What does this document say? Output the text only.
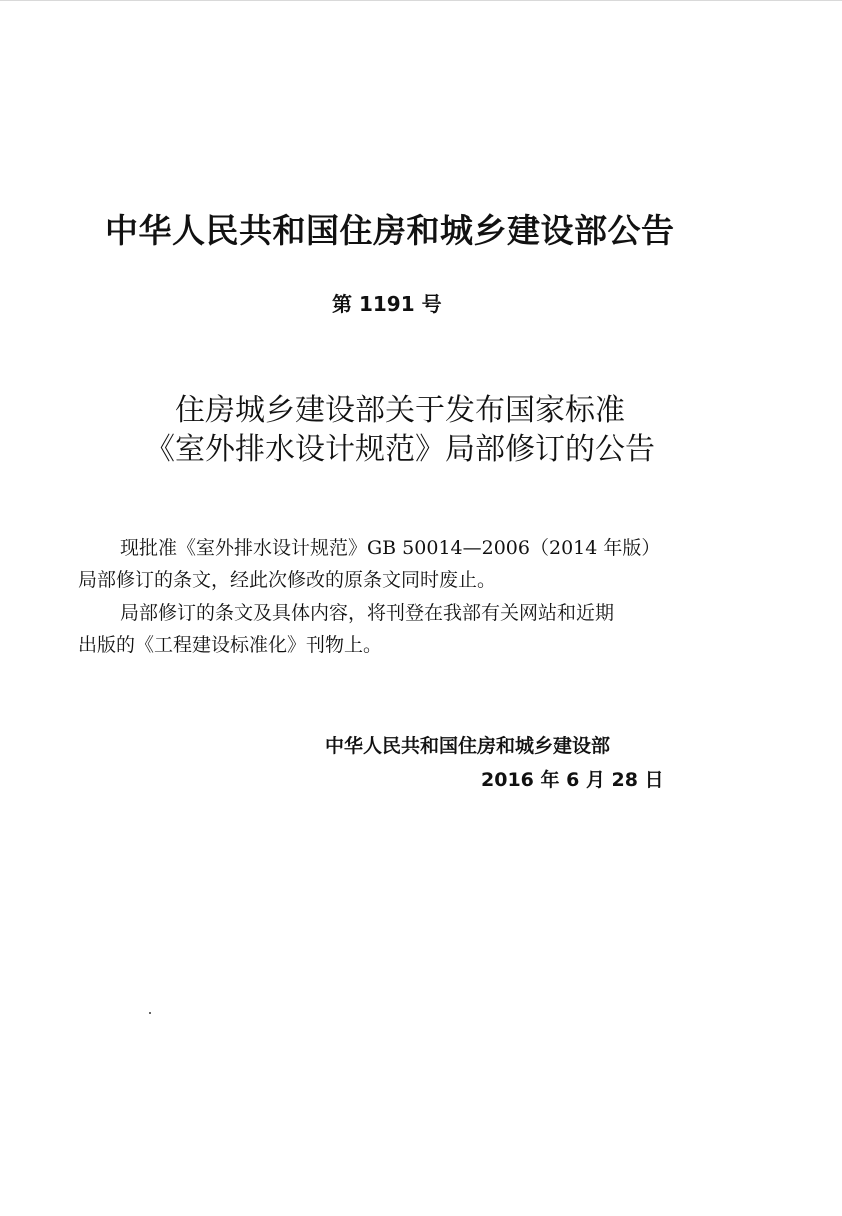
中华人民共和国住房和城乡建设部公告
第 1191 号
住房城乡建设部关于发布国家标准
《室外排水设计规范》局部修订的公告
现批准《室外排水设计规范》GB 50014—2006（2014 年版）
局部修订的条文，经此次修改的原条文同时废止。
局部修订的条文及具体内容，将刊登在我部有关网站和近期
出版的《工程建设标准化》刊物上。
中华人民共和国住房和城乡建设部
2016 年 6 月 28 日
